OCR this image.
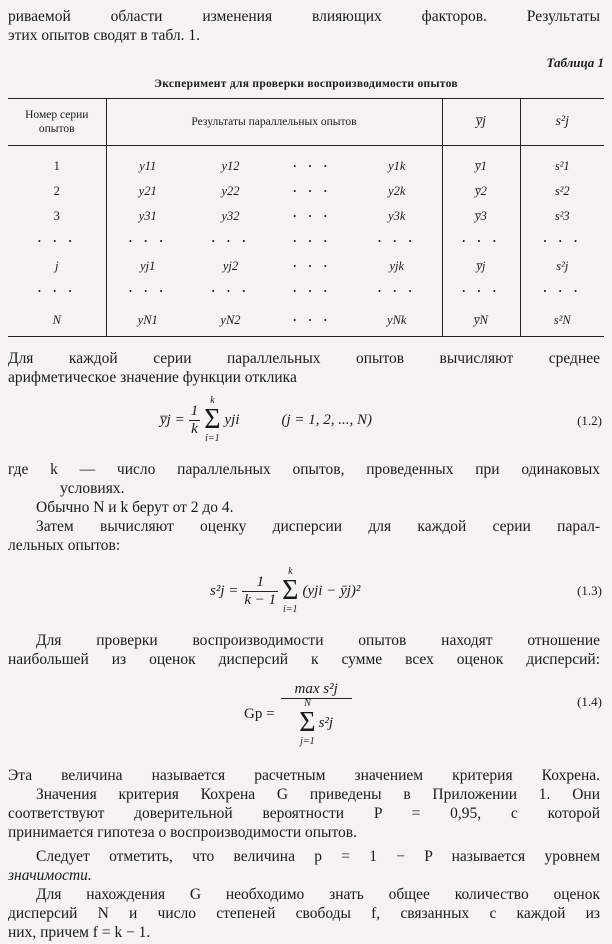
риваемой области изменения влияющих факторов. Результаты
этих опытов сводят в табл. 1.
Таблица 1
Эксперимент для проверки воспроизводимости опытов
Номер серии опытов	Результаты параллельных опытов				y̅j	s²j
1	y11	y12	· · ·	y1k	y̅1	s²1
2	y21	y22	· · ·	y2k	y̅2	s²2
3	y31	y32	· · ·	y3k	y̅3	s²3
· · ·	· · ·	· · ·	· · ·	· · ·	· · ·	· · ·
j	yj1	yj2	· · ·	yjk	y̅j	s²j
· · ·	· · ·	· · ·	· · ·	· · ·	· · ·	· · ·
N	yN1	yN2	· · ·	yNk	y̅N	s²N
Для каждой серии параллельных опытов вычисляют среднее
арифметическое значение функции отклика
y̅j = $\frac{1}{k}$
k
Σ
i=1
yji	(j = 1, 2, ..., N)	(1.2)
где k — число параллельных опытов, проведенных при одинаковых
условиях.
Обычно N и k берут от 2 до 4.
Затем вычисляют оценку дисперсии для каждой серии парал-
лельных опытов:
$s^2j = \frac{1}{k - 1}$
k
Σ
i=1
(yji − ȳj)²	(1.3)
Для проверки воспроизводимости опытов находят отношение
наибольшей из оценок дисперсий к сумме всех оценок дисперсий:
Gp = max s²j
N
Σ
j=1
s²j	(1.4)
Эта величина называется расчетным значением критерия Кохрена.
Значения критерия Кохрена G приведены в Приложении 1. Они
соответствуют доверительной вероятности P = 0,95, с которой
принимается гипотеза о воспроизводимости опытов.
Следует отметить, что величина p = 1 − P называется уровнем
значимости.
Для нахождения G необходимо знать общее количество оценок
дисперсий N и число степеней свободы f, связанных с каждой из
них, причем f = k − 1.
